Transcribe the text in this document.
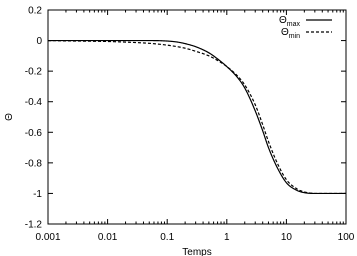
0.2
0
-0.2
-0.4
-0.6
-0.8
-1
-1.2
0.001	0.01	0.1	1	10	100
$\Theta_{max}$
$\Theta_{min}$
Temps
Θ
